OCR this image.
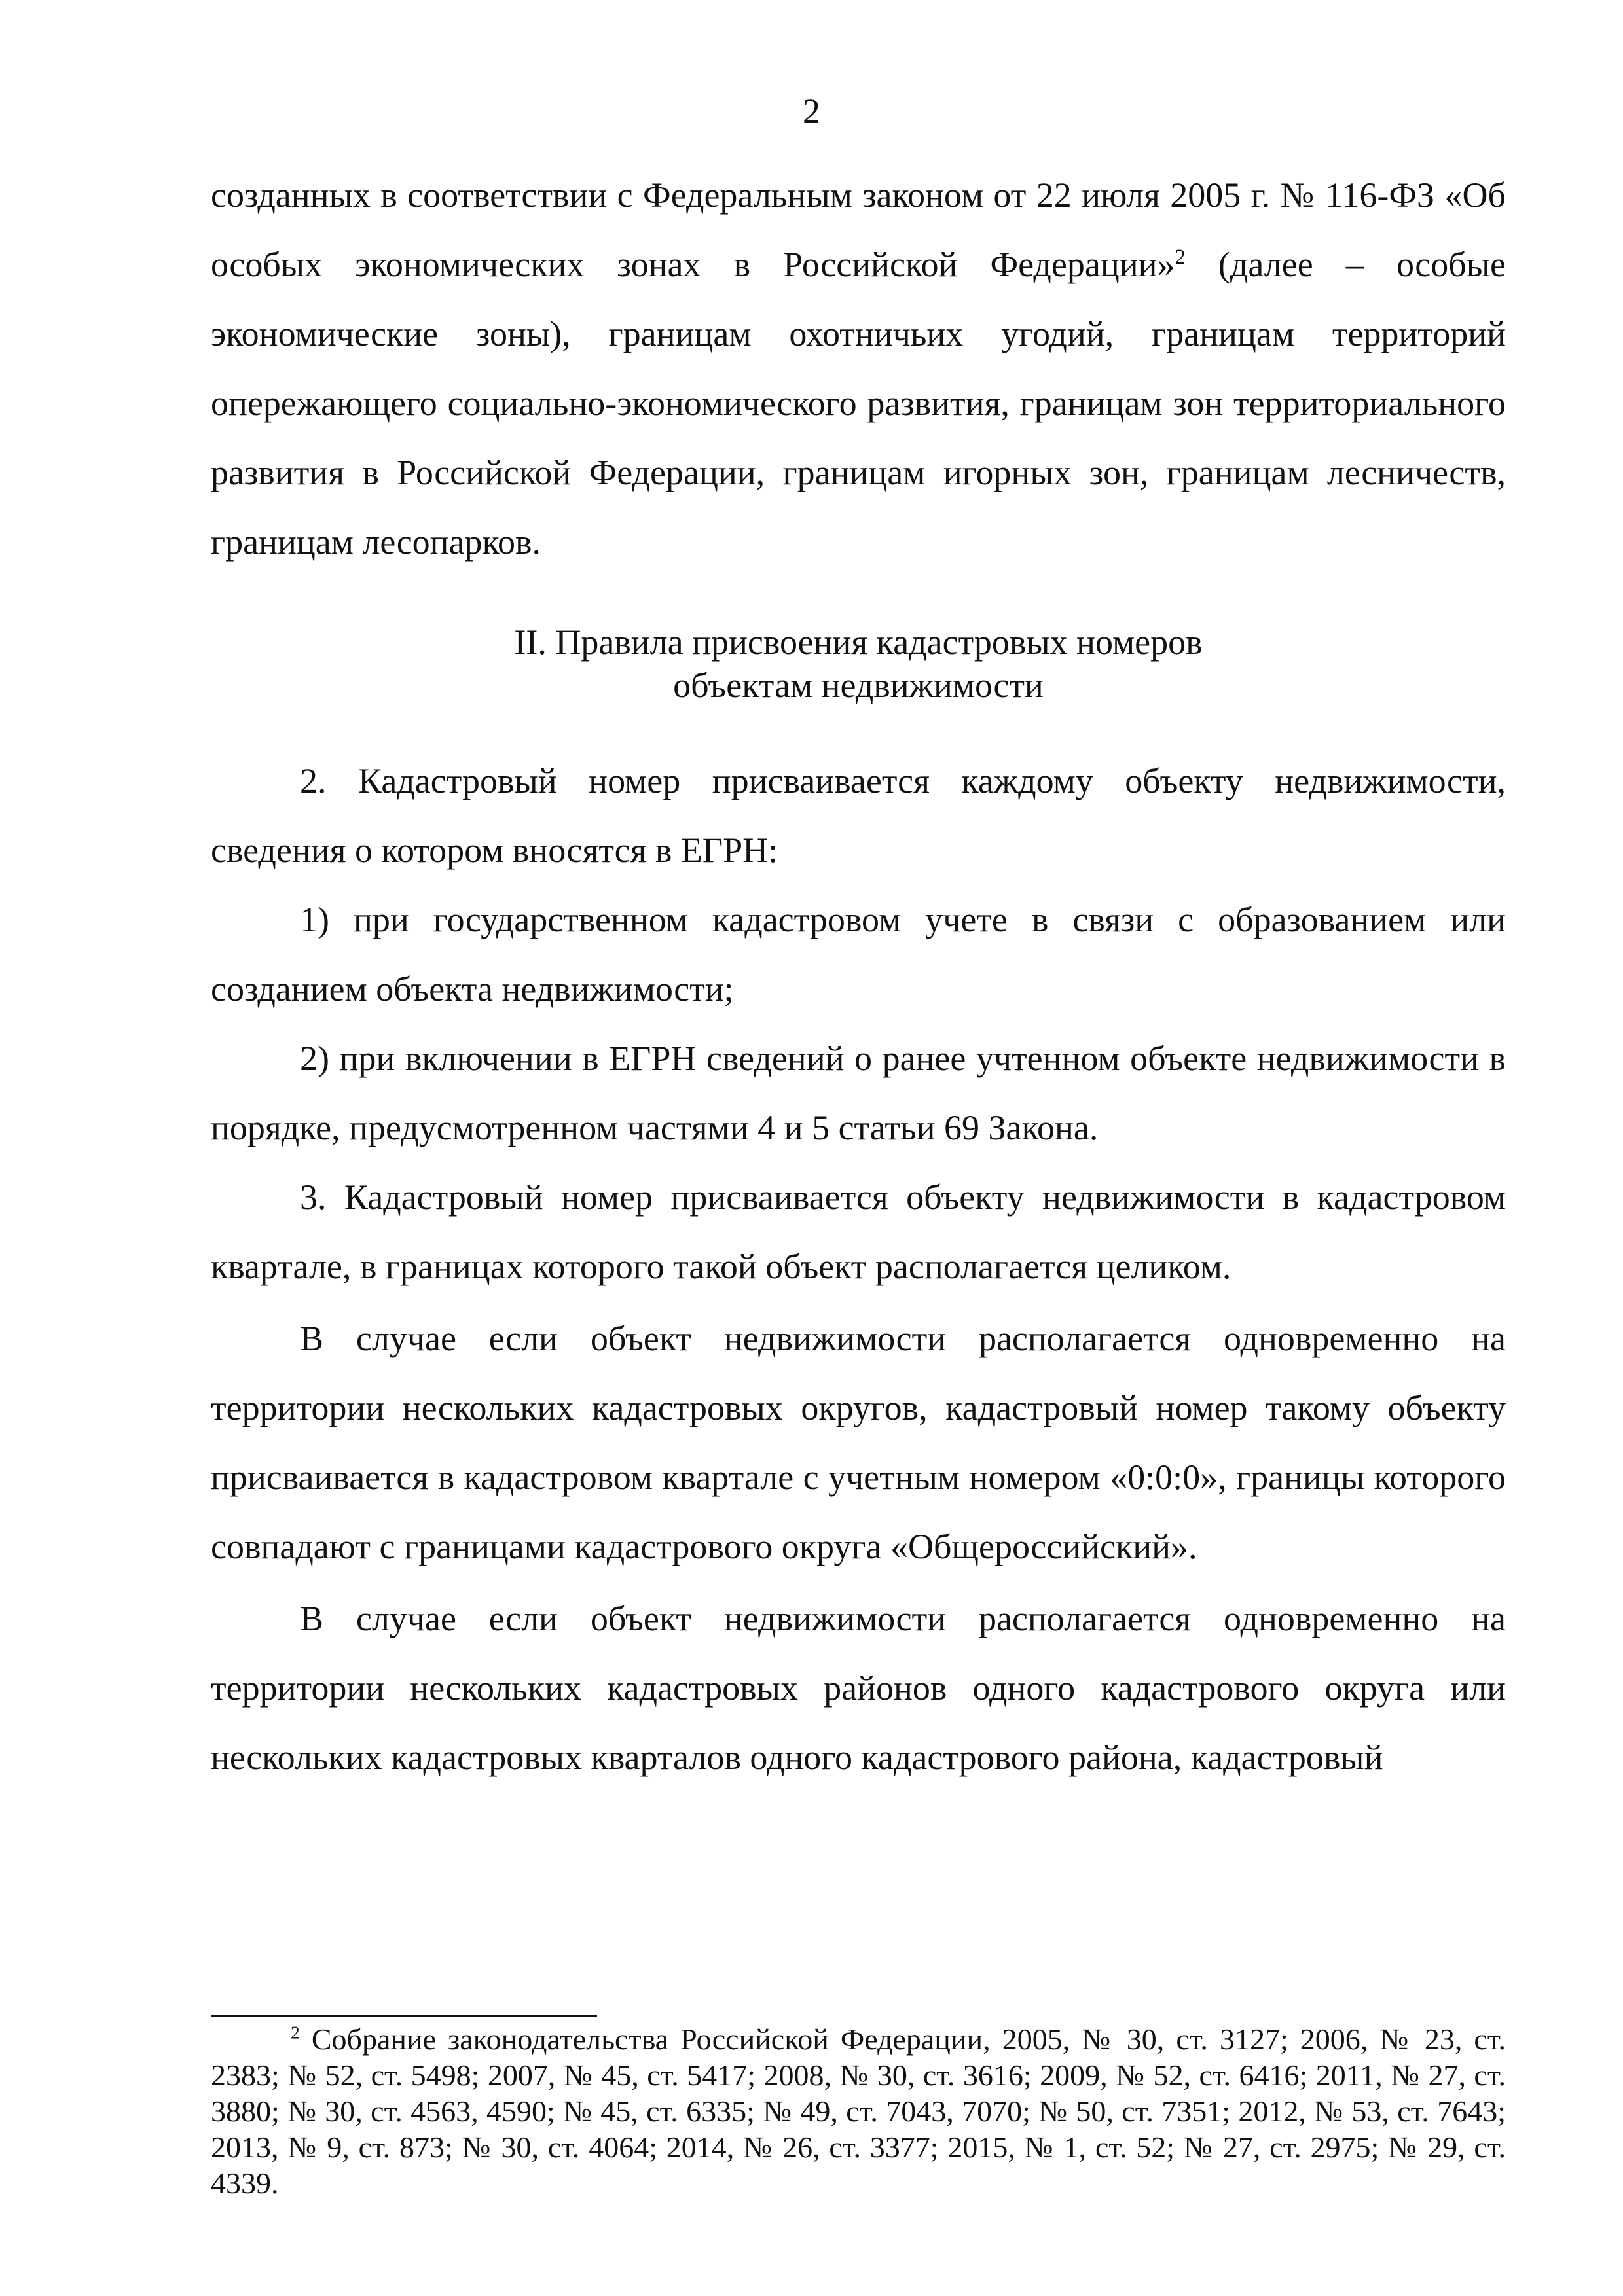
2

созданных в соответствии с Федеральным законом от 22 июля 2005 г. № 116-ФЗ «Об особых экономических зонах в Российской Федерации»$^2$ (далее – особые экономические зоны), границам охотничьих угодий, границам территорий опережающего социально-экономического развития, границам зон территориального развития в Российской Федерации, границам игорных зон, границам лесничеств, границам лесопарков.

II. Правила присвоения кадастровых номеров
объектам недвижимости

2. Кадастровый номер присваивается каждому объекту недвижимости, сведения о котором вносятся в ЕГРН:

1) при государственном кадастровом учете в связи с образованием или созданием объекта недвижимости;

2) при включении в ЕГРН сведений о ранее учтенном объекте недвижимости в порядке, предусмотренном частями 4 и 5 статьи 69 Закона.

3. Кадастровый номер присваивается объекту недвижимости в кадастровом квартале, в границах которого такой объект располагается целиком.

В случае если объект недвижимости располагается одновременно на территории нескольких кадастровых округов, кадастровый номер такому объекту присваивается в кадастровом квартале с учетным номером «0:0:0», границы которого совпадают с границами кадастрового округа «Общероссийский».

В случае если объект недвижимости располагается одновременно на территории нескольких кадастровых районов одного кадастрового округа или нескольких кадастровых кварталов одного кадастрового района, кадастровый

$^2$ Собрание законодательства Российской Федерации, 2005, № 30, ст. 3127; 2006, № 23, ст. 2383; № 52, ст. 5498; 2007, № 45, ст. 5417; 2008, № 30, ст. 3616; 2009, № 52, ст. 6416; 2011, № 27, ст. 3880; № 30, ст. 4563, 4590; № 45, ст. 6335; № 49, ст. 7043, 7070; № 50, ст. 7351; 2012, № 53, ст. 7643; 2013, № 9, ст. 873; № 30, ст. 4064; 2014, № 26, ст. 3377; 2015, № 1, ст. 52; № 27, ст. 2975; № 29, ст. 4339.
